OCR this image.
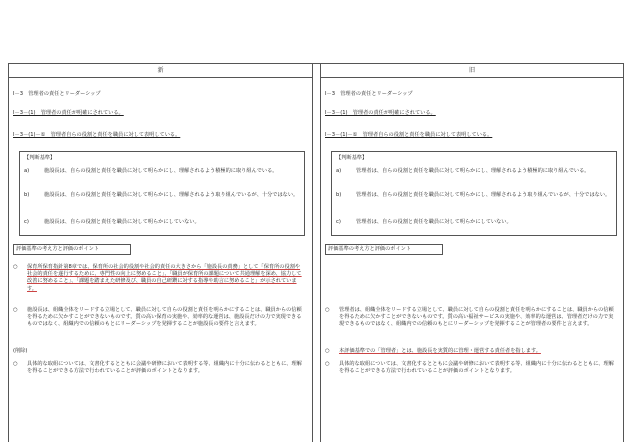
新	旧
Ⅰ－3　管理者の責任とリーダーシップ
Ⅰ－3－(1)　管理者の責任が明確にされている。
Ⅰ－3－(1)－①　管理者自らの役割と責任を職員に対して表明している。
【判断基準】
a)	施設長は、自らの役割と責任を職員に対して明らかにし、理解されるよう積極的に取り組んでいる。
b)	施設長は、自らの役割と責任を職員に対して明らかにし、理解されるよう取り組んでいるが、十分ではない。
c)	施設長は、自らの役割と責任を職員に対して明らかにしていない。
評価基準の考え方と評価のポイント
○ 保育所保育指針第8章では、保育所の社会的役割や社会的責任の大きさから「施設長の責務」として「保育所の役割や社会的責任を遂行するために、専門性の向上に努めること」、「職員が保育所の課題について共通理解を深め、協力して改善に努めること」、「課題を踏まえた研修及び、職員の自己研鑽に対する指導や助言に努めること」が示されています。
○ 施設長は、組織全体をリードする立場として、職員に対して自らの役割と責任を明らかにすることは、職員からの信頼を得るために欠かすことができないものです。質の高い保育の実施や、効率的な運営は、施設長だけの力で実現できるものではなく、組織内での信頼のもとにリーダーシップを発揮することが施設長の要件と言えます。
(削除)
○ 具体的な取組については、文書化するとともに会議や研修において表明する等、組織内に十分に伝わるとともに、理解を得ることができる方法で行われていることが評価のポイントとなります。
Ⅰ－3　管理者の責任とリーダーシップ
Ⅰ－3－(1)　管理者の責任が明確にされている。
Ⅰ－3－(1)－①　管理者自らの役割と責任を職員に対して表明している。
【判断基準】
a)	管理者は、自らの役割と責任を職員に対して明らかにし、理解されるよう積極的に取り組んでいる。
b)	管理者は、自らの役割と責任を職員に対して明らかにし、理解されるよう取り組んでいるが、十分ではない。
c)	管理者は、自らの役割と責任を職員に対して明らかにしていない。
評価基準の考え方と評価のポイント
○ 管理者は、組織全体をリードする立場として、職員に対して自らの役割と責任を明らかにすることは、職員からの信頼を得るために欠かすことができないものです。質の高い福祉サービスの実施や、効率的な運営は、管理者だけの力で実現できるものではなく、組織内での信頼のもとにリーダーシップを発揮することが管理者の要件と言えます。
○ 本評価基準での「管理者」とは、施設長を実質的に管理・運営する責任者を指します。
○ 具体的な取組については、文書化するとともに会議や研修において表明する等、組織内に十分に伝わるとともに、理解を得ることができる方法で行われていることが評価のポイントとなります。
